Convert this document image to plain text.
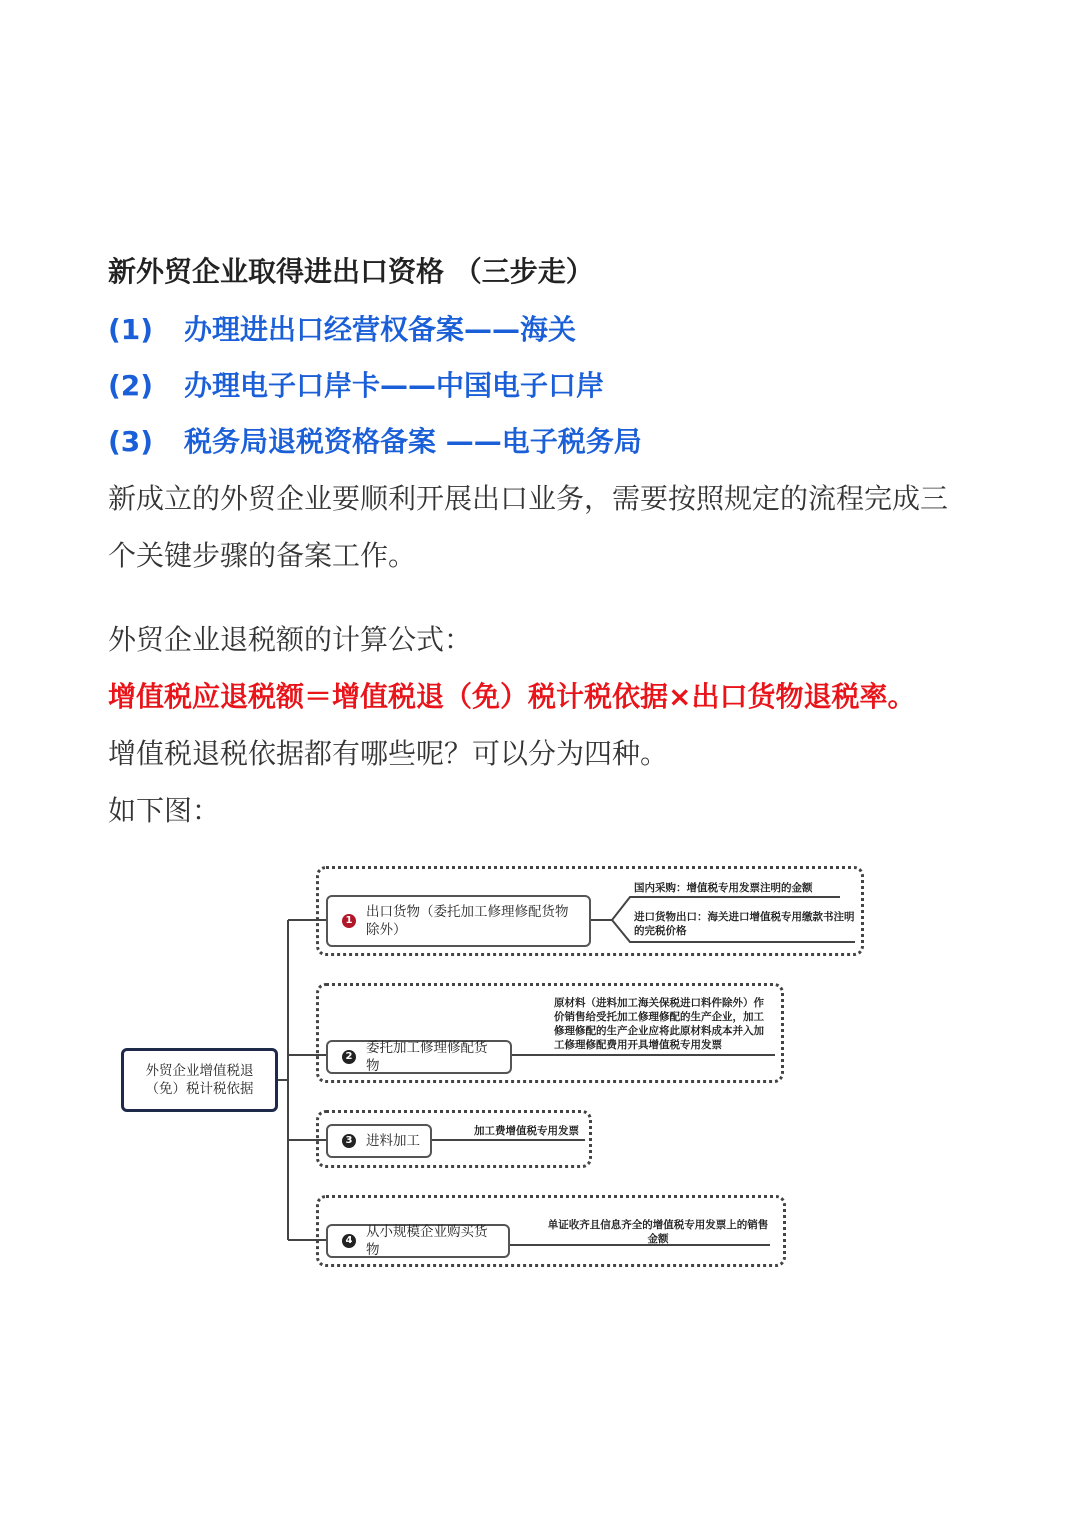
新外贸企业取得进出口资格 （三步走）
(1) 办理进出口经营权备案——海关
(2) 办理电子口岸卡——中国电子口岸
(3) 税务局退税资格备案 ——电子税务局
新成立的外贸企业要顺利开展出口业务，需要按照规定的流程完成三
个关键步骤的备案工作。
外贸企业退税额的计算公式：
增值税应退税额＝增值税退（免）税计税依据×出口货物退税率。
增值税退税依据都有哪些呢？可以分为四种。
如下图：
外贸企业增值税退（免）税计税依据
1
出口货物（委托加工修理修配货物除外）
国内采购：增值税专用发票注明的金额
进口货物出口：海关进口增值税专用缴款书注明的完税价格
2
委托加工修理修配货物
原材料（进料加工海关保税进口料件除外）作价销售给受托加工修理修配的生产企业，加工修理修配的生产企业应将此原材料成本并入加工修理修配费用开具增值税专用发票
3 进料加工
加工费增值税专用发票
4
从小规模企业购买货物
单证收齐且信息齐全的增值税专用发票上的销售金额
